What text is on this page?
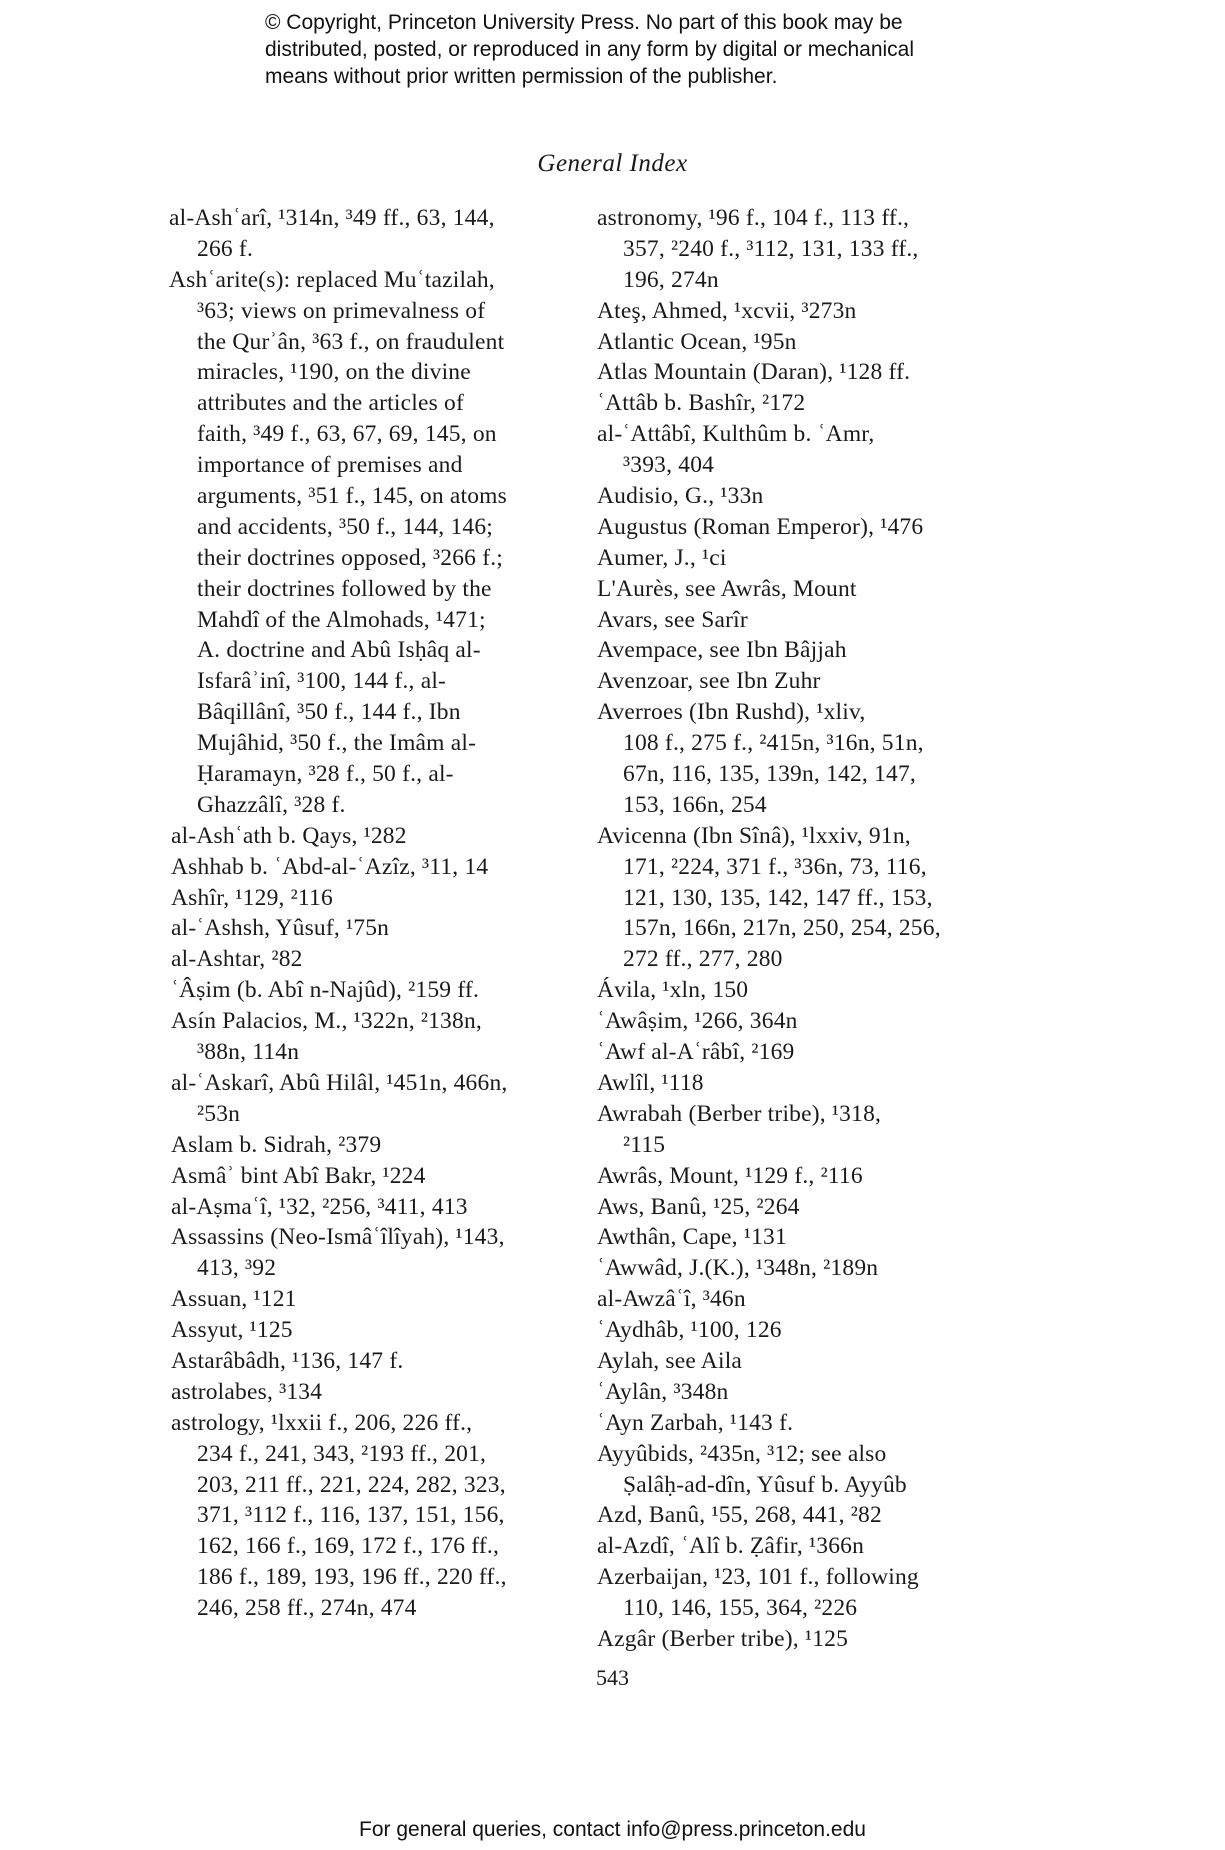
© Copyright, Princeton University Press. No part of this book may be
distributed, posted, or reproduced in any form by digital or mechanical
means without prior written permission of the publisher.
General Index
al-Ashʿarî, ¹314n, ³49 ff., 63, 144,
266 f.
Ashʿarite(s): replaced Muʿtazilah,
³63; views on primevalness of
the Qurʾân, ³63 f., on fraudulent
miracles, ¹190, on the divine
attributes and the articles of
faith, ³49 f., 63, 67, 69, 145, on
importance of premises and
arguments, ³51 f., 145, on atoms
and accidents, ³50 f., 144, 146;
their doctrines opposed, ³266 f.;
their doctrines followed by the
Mahdî of the Almohads, ¹471;
A. doctrine and Abû Isḥâq al-
Isfarâʾinî, ³100, 144 f., al-
Bâqillânî, ³50 f., 144 f., Ibn
Mujâhid, ³50 f., the Imâm al-
Ḥaramayn, ³28 f., 50 f., al-
Ghazzâlî, ³28 f.
al-Ashʿath b. Qays, ¹282
Ashhab b. ʿAbd-al-ʿAzîz, ³11, 14
Ashîr, ¹129, ²116
al-ʿAshsh, Yûsuf, ¹75n
al-Ashtar, ²82
ʿÂṣim (b. Abî n-Najûd), ²159 ff.
Asín Palacios, M., ¹322n, ²138n,
³88n, 114n
al-ʿAskarî, Abû Hilâl, ¹451n, 466n,
²53n
Aslam b. Sidrah, ²379
Asmâʾ bint Abî Bakr, ¹224
al-Aṣmaʿî, ¹32, ²256, ³411, 413
Assassins (Neo-Ismâʿîlîyah), ¹143,
413, ³92
Assuan, ¹121
Assyut, ¹125
Astarâbâdh, ¹136, 147 f.
astrolabes, ³134
astrology, ¹lxxii f., 206, 226 ff.,
234 f., 241, 343, ²193 ff., 201,
203, 211 ff., 221, 224, 282, 323,
371, ³112 f., 116, 137, 151, 156,
162, 166 f., 169, 172 f., 176 ff.,
186 f., 189, 193, 196 ff., 220 ff.,
246, 258 ff., 274n, 474
astronomy, ¹96 f., 104 f., 113 ff.,
357, ²240 f., ³112, 131, 133 ff.,
196, 274n
Ateş, Ahmed, ¹xcvii, ³273n
Atlantic Ocean, ¹95n
Atlas Mountain (Daran), ¹128 ff.
ʿAttâb b. Bashîr, ²172
al-ʿAttâbî, Kulthûm b. ʿAmr,
³393, 404
Audisio, G., ¹33n
Augustus (Roman Emperor), ¹476
Aumer, J., ¹ci
L'Aurès, see Awrâs, Mount
Avars, see Sarîr
Avempace, see Ibn Bâjjah
Avenzoar, see Ibn Zuhr
Averroes (Ibn Rushd), ¹xliv,
108 f., 275 f., ²415n, ³16n, 51n,
67n, 116, 135, 139n, 142, 147,
153, 166n, 254
Avicenna (Ibn Sînâ), ¹lxxiv, 91n,
171, ²224, 371 f., ³36n, 73, 116,
121, 130, 135, 142, 147 ff., 153,
157n, 166n, 217n, 250, 254, 256,
272 ff., 277, 280
Ávila, ¹xln, 150
ʿAwâṣim, ¹266, 364n
ʿAwf al-Aʿrâbî, ²169
Awlîl, ¹118
Awrabah (Berber tribe), ¹318,
²115
Awrâs, Mount, ¹129 f., ²116
Aws, Banû, ¹25, ²264
Awthân, Cape, ¹131
ʿAwwâd, J.(K.), ¹348n, ²189n
al-Awzâʿî, ³46n
ʿAydhâb, ¹100, 126
Aylah, see Aila
ʿAylân, ³348n
ʿAyn Zarbah, ¹143 f.
Ayyûbids, ²435n, ³12; see also
Ṣalâḥ-ad-dîn, Yûsuf b. Ayyûb
Azd, Banû, ¹55, 268, 441, ²82
al-Azdî, ʿAlî b. Ẓâfir, ¹366n
Azerbaijan, ¹23, 101 f., following
110, 146, 155, 364, ²226
Azgâr (Berber tribe), ¹125
543
For general queries, contact info@press.princeton.edu
